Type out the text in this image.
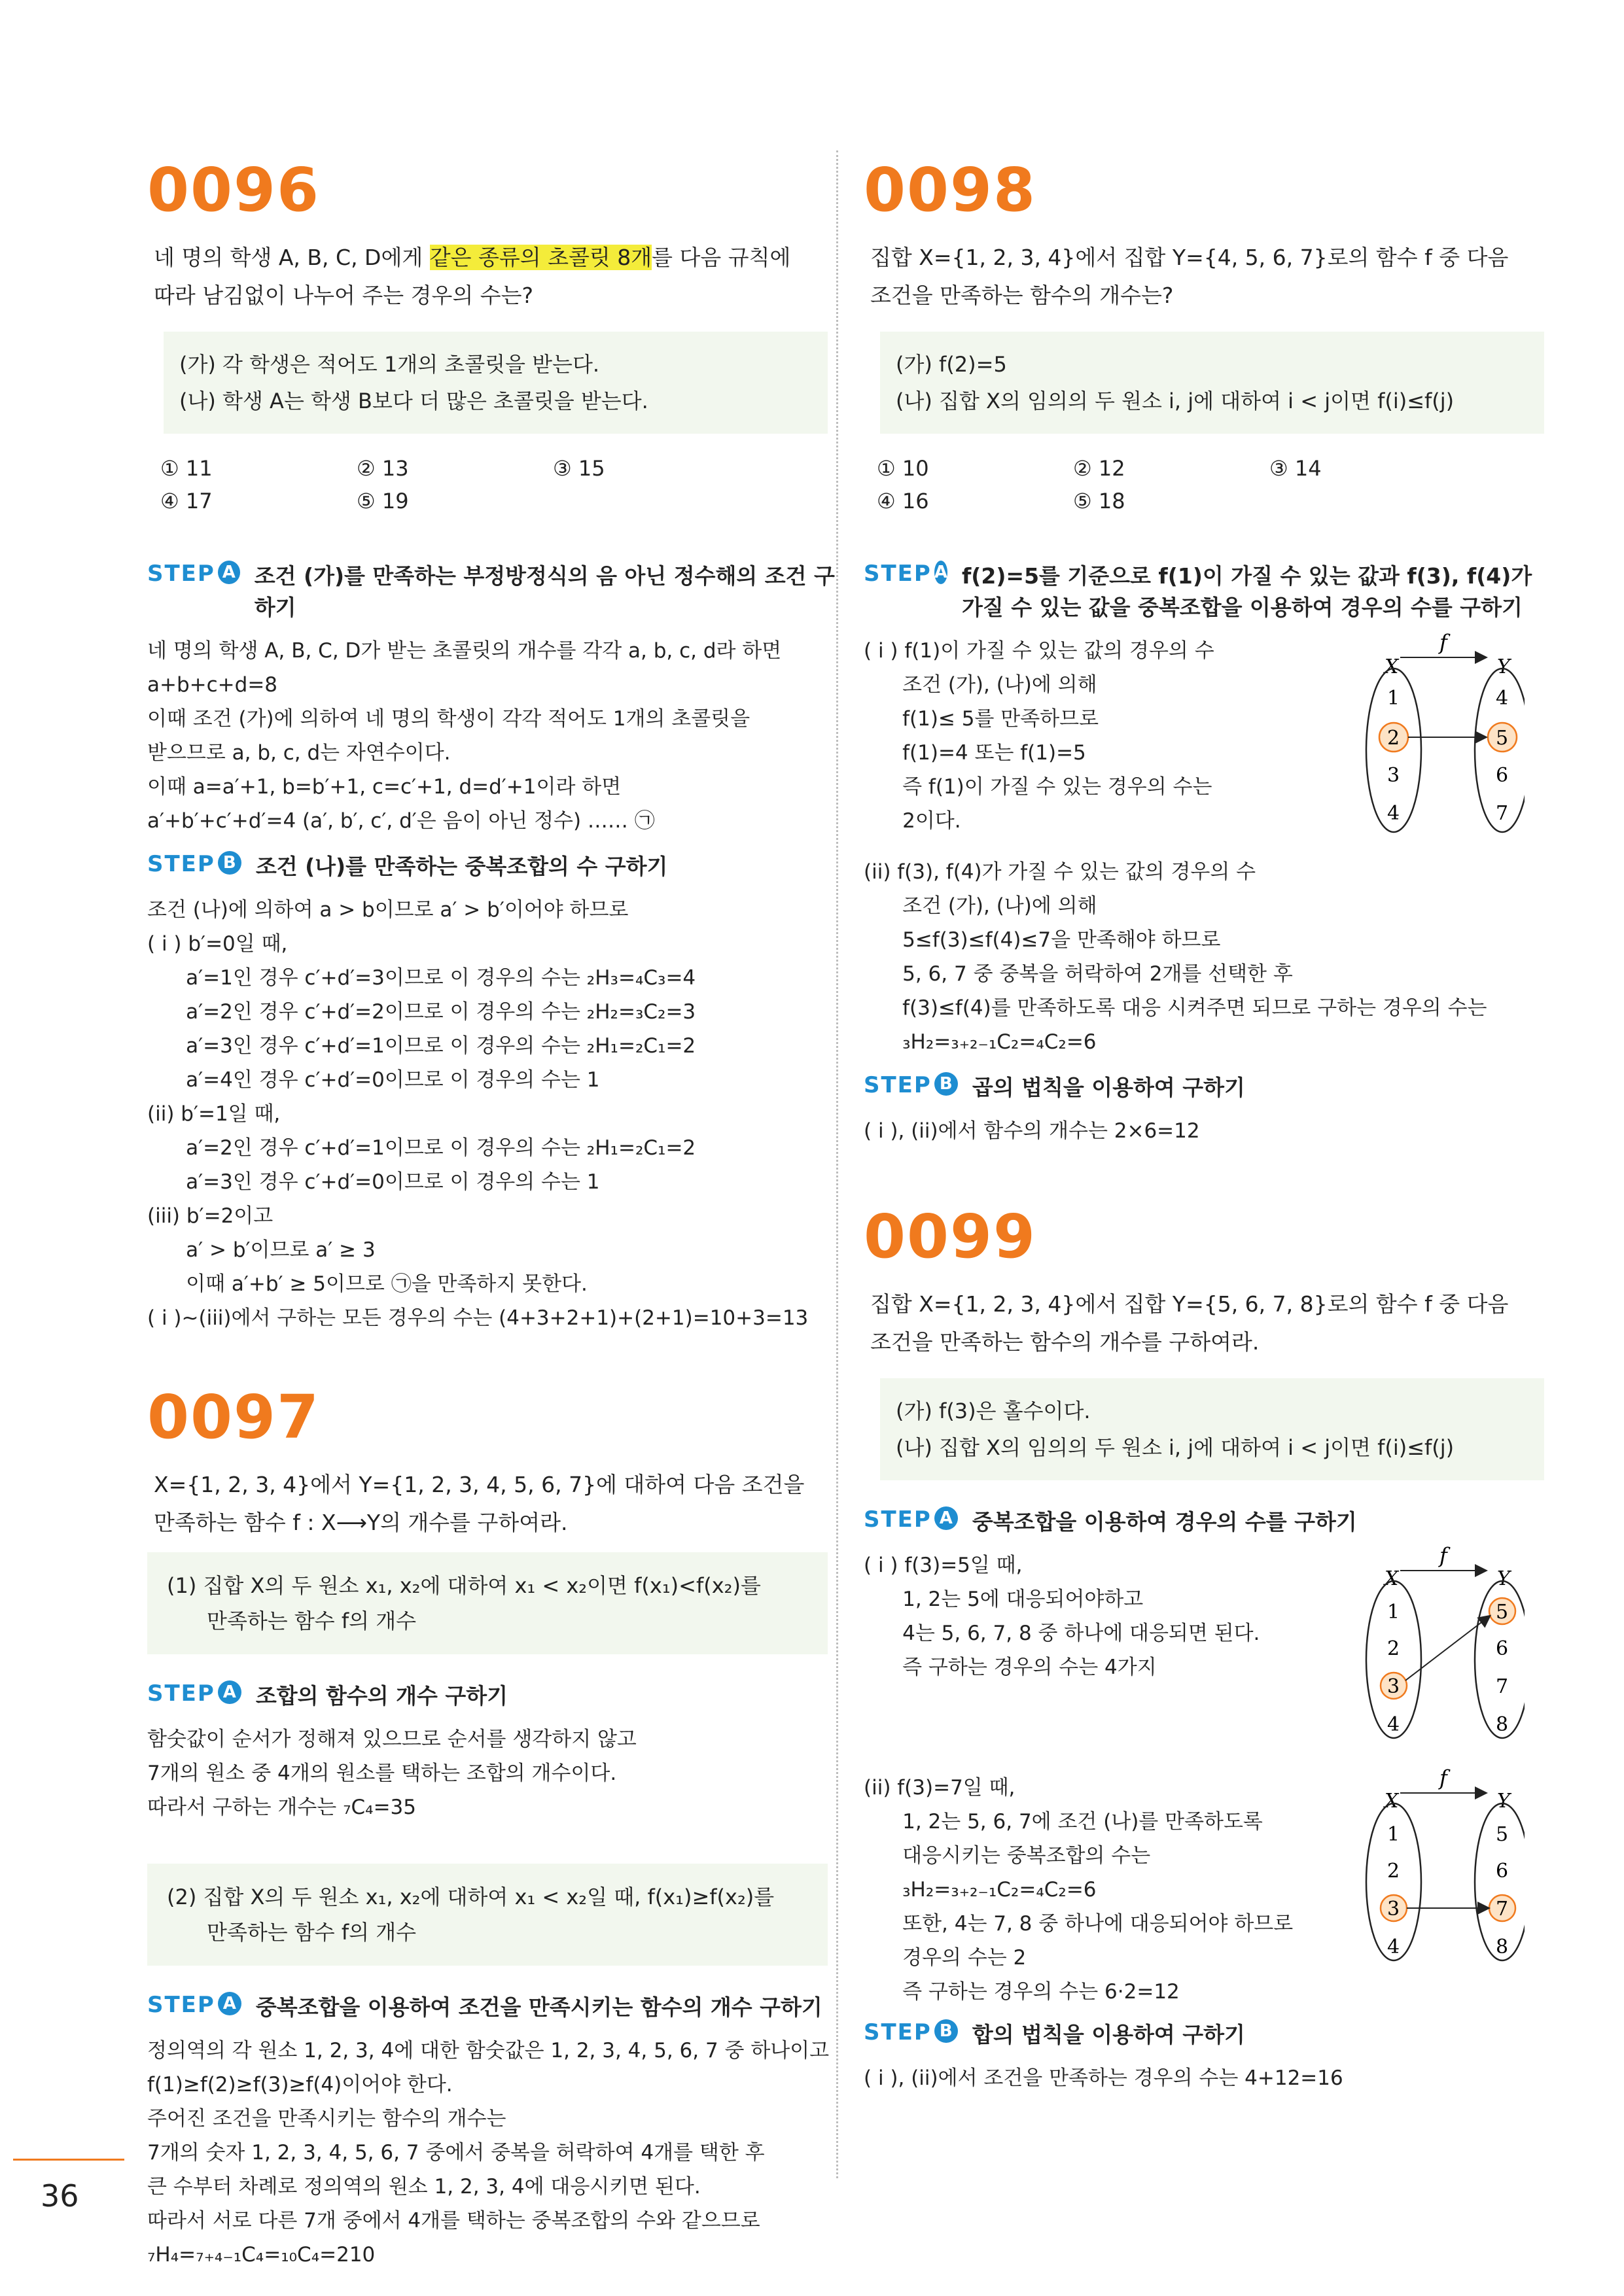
0096
네 명의 학생 A, B, C, D에게 같은 종류의 초콜릿 8개를 다음 규칙에
따라 남김없이 나누어 주는 경우의 수는?
(가) 각 학생은 적어도 1개의 초콜릿을 받는다.
(나) 학생 A는 학생 B보다 더 많은 초콜릿을 받는다.
① 11	② 13	③ 15
④ 17	⑤ 19
STEP A 조건 (가)를 만족하는 부정방정식의 음 아닌 정수해의 조건 구하기
네 명의 학생 A, B, C, D가 받는 초콜릿의 개수를 각각 a, b, c, d라 하면
a+b+c+d=8
이때 조건 (가)에 의하여 네 명의 학생이 각각 적어도 1개의 초콜릿을
받으므로 a, b, c, d는 자연수이다.
이때 a=a′+1, b=b′+1, c=c′+1, d=d′+1이라 하면
a′+b′+c′+d′=4 (a′, b′, c′, d′은 음이 아닌 정수) …… ㉠
STEP B 조건 (나)를 만족하는 중복조합의 수 구하기
조건 (나)에 의하여 a > b이므로 a′ > b′이어야 하므로
( i ) b′=0일 때,
a′=1인 경우 c′+d′=3이므로 이 경우의 수는 ₂H₃=₄C₃=4
a′=2인 경우 c′+d′=2이므로 이 경우의 수는 ₂H₂=₃C₂=3
a′=3인 경우 c′+d′=1이므로 이 경우의 수는 ₂H₁=₂C₁=2
a′=4인 경우 c′+d′=0이므로 이 경우의 수는 1
(ii) b′=1일 때,
a′=2인 경우 c′+d′=1이므로 이 경우의 수는 ₂H₁=₂C₁=2
a′=3인 경우 c′+d′=0이므로 이 경우의 수는 1
(iii) b′=2이고
a′ > b′이므로 a′ ≥ 3
이때 a′+b′ ≥ 5이므로 ㉠을 만족하지 못한다.
( i )~(iii)에서 구하는 모든 경우의 수는 (4+3+2+1)+(2+1)=10+3=13
0097
X={1, 2, 3, 4}에서 Y={1, 2, 3, 4, 5, 6, 7}에 대하여 다음 조건을
만족하는 함수 f : X⟶Y의 개수를 구하여라.
(1) 집합 X의 두 원소 x₁, x₂에 대하여 x₁ < x₂이면 f(x₁)<f(x₂)를
만족하는 함수 f의 개수
STEP A 조합의 함수의 개수 구하기
함숫값이 순서가 정해져 있으므로 순서를 생각하지 않고
7개의 원소 중 4개의 원소를 택하는 조합의 개수이다.
따라서 구하는 개수는 ₇C₄=35
(2) 집합 X의 두 원소 x₁, x₂에 대하여 x₁ < x₂일 때, f(x₁)≥f(x₂)를
만족하는 함수 f의 개수
STEP A 중복조합을 이용하여 조건을 만족시키는 함수의 개수 구하기
정의역의 각 원소 1, 2, 3, 4에 대한 함숫값은 1, 2, 3, 4, 5, 6, 7 중 하나이고
f(1)≥f(2)≥f(3)≥f(4)이어야 한다.
주어진 조건을 만족시키는 함수의 개수는
7개의 숫자 1, 2, 3, 4, 5, 6, 7 중에서 중복을 허락하여 4개를 택한 후
큰 수부터 차례로 정의역의 원소 1, 2, 3, 4에 대응시키면 된다.
따라서 서로 다른 7개 중에서 4개를 택하는 중복조합의 수와 같으므로
₇H₄=₇₊₄₋₁C₄=₁₀C₄=210
0098
집합 X={1, 2, 3, 4}에서 집합 Y={4, 5, 6, 7}로의 함수 f 중 다음
조건을 만족하는 함수의 개수는?
(가) f(2)=5
(나) 집합 X의 임의의 두 원소 i, j에 대하여 i < j이면 f(i)≤f(j)
① 10	② 12	③ 14
④ 16	⑤ 18
STEP A f(2)=5를 기준으로 f(1)이 가질 수 있는 값과 f(3), f(4)가 가질 수 있는 값을 중복조합을 이용하여 경우의 수를 구하기
( i ) f(1)이 가질 수 있는 값의 경우의 수
조건 (가), (나)에 의해
f(1)≤ 5를 만족하므로
f(1)=4 또는 f(1)=5
즉 f(1)이 가질 수 있는 경우의 수는
2이다.
f
X	Y
1
2
3
4
4
5
6
7
(ii) f(3), f(4)가 가질 수 있는 값의 경우의 수
조건 (가), (나)에 의해
5≤f(3)≤f(4)≤7을 만족해야 하므로
5, 6, 7 중 중복을 허락하여 2개를 선택한 후
f(3)≤f(4)를 만족하도록 대응 시켜주면 되므로 구하는 경우의 수는
₃H₂=₃₊₂₋₁C₂=₄C₂=6
STEP B 곱의 법칙을 이용하여 구하기
( i ), (ii)에서 함수의 개수는 2×6=12
0099
집합 X={1, 2, 3, 4}에서 집합 Y={5, 6, 7, 8}로의 함수 f 중 다음
조건을 만족하는 함수의 개수를 구하여라.
(가) f(3)은 홀수이다.
(나) 집합 X의 임의의 두 원소 i, j에 대하여 i < j이면 f(i)≤f(j)
STEP A 중복조합을 이용하여 경우의 수를 구하기
( i ) f(3)=5일 때,
1, 2는 5에 대응되어야하고
4는 5, 6, 7, 8 중 하나에 대응되면 된다.
즉 구하는 경우의 수는 4가지
f
X	Y
1
2
3
4
5
6
7
8
(ii) f(3)=7일 때,
1, 2는 5, 6, 7에 조건 (나)를 만족하도록
대응시키는 중복조합의 수는
₃H₂=₃₊₂₋₁C₂=₄C₂=6
또한, 4는 7, 8 중 하나에 대응되어야 하므로
경우의 수는 2
즉 구하는 경우의 수는 6·2=12
f
X	Y
1
2
3
4
5
6
7
8
STEP B 합의 법칙을 이용하여 구하기
( i ), (ii)에서 조건을 만족하는 경우의 수는 4+12=16
36
